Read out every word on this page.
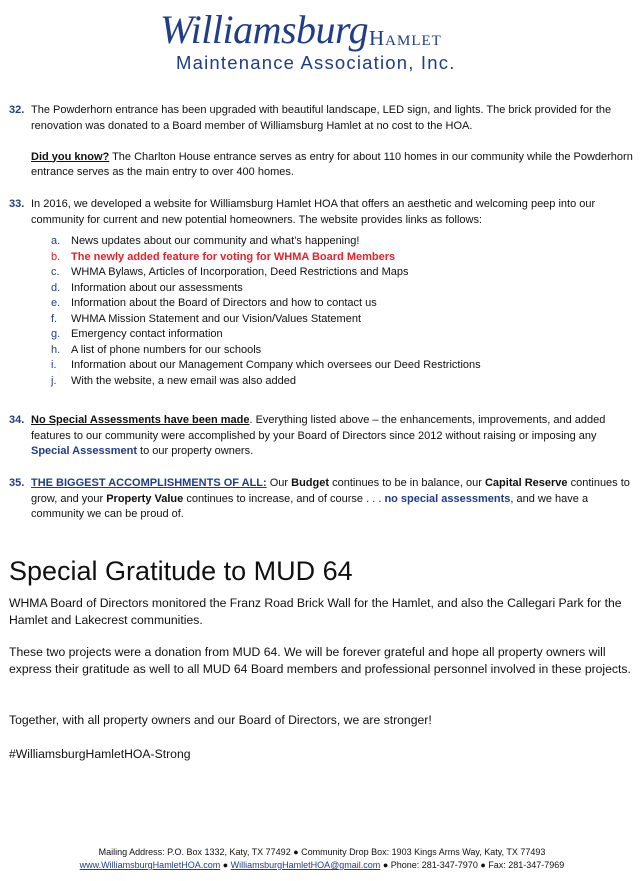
Williamsburg Hamlet
Maintenance Association, Inc.
32. The Powderhorn entrance has been upgraded with beautiful landscape, LED sign, and lights. The brick provided for the renovation was donated to a Board member of Williamsburg Hamlet at no cost to the HOA.

Did you know? The Charlton House entrance serves as entry for about 110 homes in our community while the Powderhorn entrance serves as the main entry to over 400 homes.

33. In 2016, we developed a website for Williamsburg Hamlet HOA that offers an aesthetic and welcoming peep into our community for current and new potential homeowners. The website provides links as follows:

a. News updates about our community and what’s happening!
b. The newly added feature for voting for WHMA Board Members
c. WHMA Bylaws, Articles of Incorporation, Deed Restrictions and Maps
d. Information about our assessments
e. Information about the Board of Directors and how to contact us
f. WHMA Mission Statement and our Vision/Values Statement
g. Emergency contact information
h. A list of phone numbers for our schools
i. Information about our Management Company which oversees our Deed Restrictions
j. With the website, a new email was also added
34. No Special Assessments have been made. Everything listed above – the enhancements, improvements, and added features to our community were accomplished by your Board of Directors since 2012 without raising or imposing any Special Assessment to our property owners.

35. THE BIGGEST ACCOMPLISHMENTS OF ALL: Our Budget continues to be in balance, our Capital Reserve continues to grow, and your Property Value continues to increase, and of course . . . no special assessments, and we have a community we can be proud of.

Special Gratitude to MUD 64

WHMA Board of Directors monitored the Franz Road Brick Wall for the Hamlet, and also the Callegari Park for the Hamlet and Lakecrest communities.

These two projects were a donation from MUD 64. We will be forever grateful and hope all property owners will express their gratitude as well to all MUD 64 Board members and professional personnel involved in these projects.

Together, with all property owners and our Board of Directors, we are stronger!

#WilliamsburgHamletHOA-Strong

Mailing Address: P.O. Box 1332, Katy, TX 77492 ● Community Drop Box: 1903 Kings Arms Way, Katy, TX 77493
www.WilliamsburgHamletHOA.com ● WilliamsburgHamletHOA@gmail.com ● Phone: 281-347-7970 ● Fax: 281-347-7969
